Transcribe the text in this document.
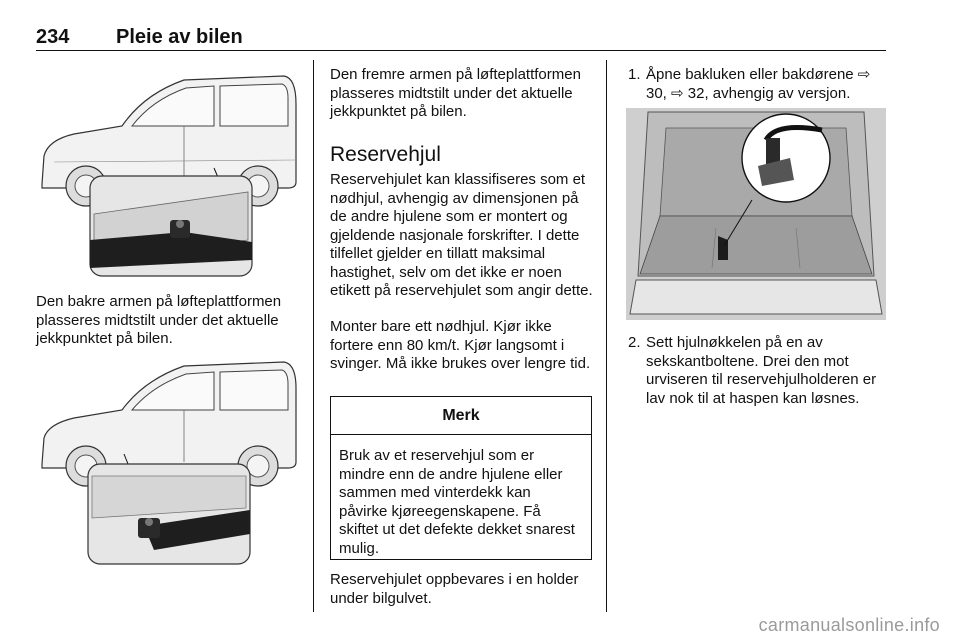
234 Pleie av bilen
Den bakre armen på løfteplattformen plasseres midtstilt under det aktuelle jekkpunktet på bilen.
Den fremre armen på løfteplattformen plasseres midtstilt under det aktuelle jekkpunktet på bilen.
Reservehjul
Reservehjulet kan klassifiseres som et nødhjul, avhengig av dimensjonen på de andre hjulene som er montert og gjeldende nasjonale forskrifter. I dette tilfellet gjelder en tillatt maksimal hastighet, selv om det ikke er noen etikett på reservehjulet som angir dette.
Monter bare ett nødhjul. Kjør ikke fortere enn 80 km/t. Kjør langsomt i svinger. Må ikke brukes over lengre tid.
Merk
Bruk av et reservehjul som er mindre enn de andre hjulene eller sammen med vinterdekk kan påvirke kjøreegenskapene. Få skiftet ut det defekte dekket snarest mulig.
Reservehjulet oppbevares i en holder under bilgulvet.
1. Åpne bakluken eller bakdørene ⇨ 30, ⇨ 32, avhengig av versjon.
2. Sett hjulnøkkelen på en av sekskantboltene. Drei den mot urviseren til reservehjulholderen er lav nok til at haspen kan løsnes.
carmanualsonline.info
